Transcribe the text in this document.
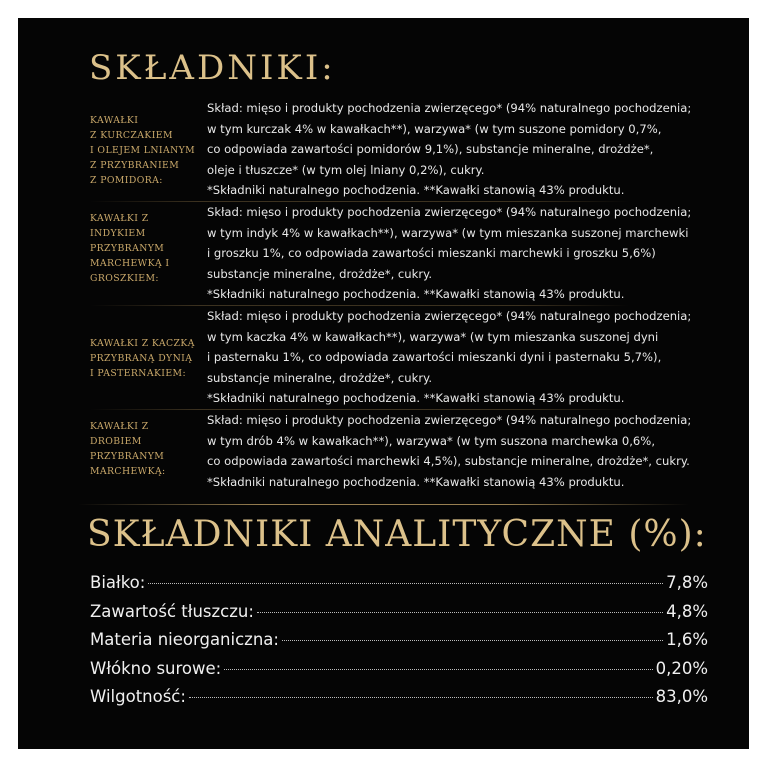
SKŁADNIKI:
KAWAŁKI
Z KURCZAKIEM
I OLEJEM LNIANYM
Z PRZYBRANIEM
Z POMIDORA:
Skład: mięso i produkty pochodzenia zwierzęcego* (94% naturalnego pochodzenia;
w tym kurczak 4% w kawałkach**), warzywa* (w tym suszone pomidory 0,7%,
co odpowiada zawartości pomidorów 9,1%), substancje mineralne, drożdże*,
oleje i tłuszcze* (w tym olej lniany 0,2%), cukry.
*Składniki naturalnego pochodzenia. **Kawałki stanowią 43% produktu.
KAWAŁKI Z INDYKIEM
PRZYBRANYM
MARCHEWKĄ I
GROSZKIEM:
Skład: mięso i produkty pochodzenia zwierzęcego* (94% naturalnego pochodzenia;
w tym indyk 4% w kawałkach**), warzywa* (w tym mieszanka suszonej marchewki
i groszku 1%, co odpowiada zawartości mieszanki marchewki i groszku 5,6%)
substancje mineralne, drożdże*, cukry.
*Składniki naturalnego pochodzenia. **Kawałki stanowią 43% produktu.
KAWAŁKI Z KACZKĄ
PRZYBRANĄ DYNIĄ
I PASTERNAKIEM:
Skład: mięso i produkty pochodzenia zwierzęcego* (94% naturalnego pochodzenia;
w tym kaczka 4% w kawałkach**), warzywa* (w tym mieszanka suszonej dyni
i pasternaku 1%, co odpowiada zawartości mieszanki dyni i pasternaku 5,7%),
substancje mineralne, drożdże*, cukry.
*Składniki naturalnego pochodzenia. **Kawałki stanowią 43% produktu.
KAWAŁKI Z DROBIEM
PRZYBRANYM
MARCHEWKĄ:
Skład: mięso i produkty pochodzenia zwierzęcego* (94% naturalnego pochodzenia;
w tym drób 4% w kawałkach**), warzywa* (w tym suszona marchewka 0,6%,
co odpowiada zawartości marchewki 4,5%), substancje mineralne, drożdże*, cukry.
*Składniki naturalnego pochodzenia. **Kawałki stanowią 43% produktu.
SKŁADNIKI ANALITYCZNE (%):
Białko:	7,8%
Zawartość tłuszczu:	4,8%
Materia nieorganiczna:	1,6%
Włókno surowe:	0,20%
Wilgotność:	83,0%
